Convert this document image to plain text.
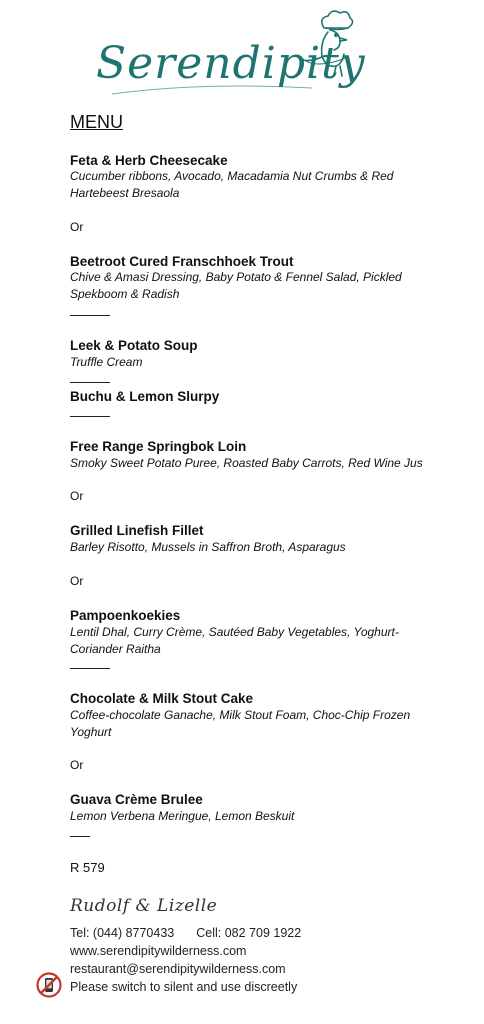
Serendipity
MENU
Feta & Herb Cheesecake
Cucumber ribbons, Avocado, Macadamia Nut Crumbs & Red
Hartebeest Bresaola
Or
Beetroot Cured Franschhoek Trout
Chive & Amasi Dressing, Baby Potato & Fennel Salad, Pickled
Spekboom & Radish
Leek & Potato Soup
Truffle Cream
Buchu & Lemon Slurpy
Free Range Springbok Loin
Smoky Sweet Potato Puree, Roasted Baby Carrots, Red Wine Jus
Or
Grilled Linefish Fillet
Barley Risotto, Mussels in Saffron Broth, Asparagus
Or
Pampoenkoekies
Lentil Dhal, Curry Crème, Sautéed Baby Vegetables, Yoghurt-
Coriander Raitha
Chocolate & Milk Stout Cake
Coffee-chocolate Ganache, Milk Stout Foam, Choc-Chip Frozen
Yoghurt
Or
Guava Crème Brulee
Lemon Verbena Meringue, Lemon Beskuit
R 579
Rudolf & Lizelle
Tel: (044) 8770433 Cell: 082 709 1922
www.serendipitywilderness.com
restaurant@serendipitywilderness.com
Please switch to silent and use discreetly
